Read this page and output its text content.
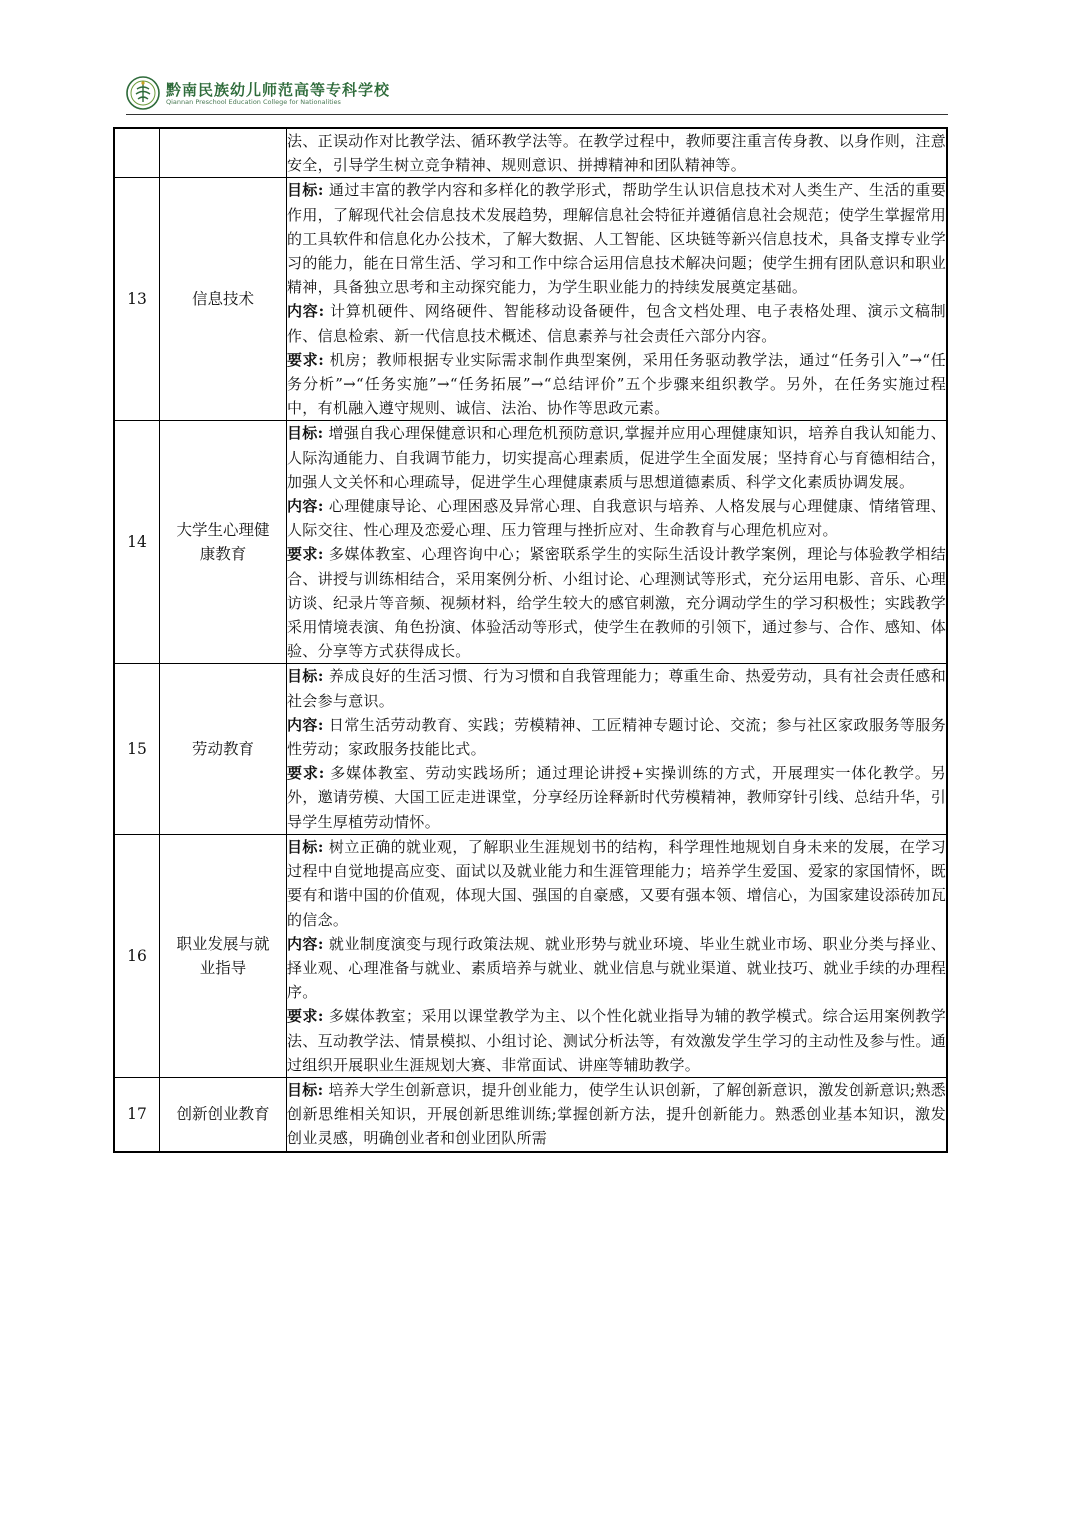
黔南民族幼儿师范高等专科学校
Qiannan Preschool Education College for Nationalities

		法、正误动作对比教学法、循环教学法等。在教学过程中，教师要注重言传身教、以身作则，注意安全，引导学生树立竞争精神、规则意识、拼搏精神和团队精神等。

13	信息技术	目标: 通过丰富的教学内容和多样化的教学形式，帮助学生认识信息技术对人类生产、生活的重要作用，了解现代社会信息技术发展趋势，理解信息社会特征并遵循信息社会规范；使学生掌握常用的工具软件和信息化办公技术，了解大数据、人工智能、区块链等新兴信息技术，具备支撑专业学习的能力，能在日常生活、学习和工作中综合运用信息技术解决问题；使学生拥有团队意识和职业精神，具备独立思考和主动探究能力，为学生职业能力的持续发展奠定基础。
内容: 计算机硬件、网络硬件、智能移动设备硬件，包含文档处理、电子表格处理、演示文稿制作、信息检索、新一代信息技术概述、信息素养与社会责任六部分内容。
要求: 机房；教师根据专业实际需求制作典型案例，采用任务驱动教学法，通过“任务引入”→“任务分析”→“任务实施”→“任务拓展”→“总结评价”五个步骤来组织教学。另外，在任务实施过程中，有机融入遵守规则、诚信、法治、协作等思政元素。

14	大学生心理健康教育	目标: 增强自我心理保健意识和心理危机预防意识,掌握并应用心理健康知识，培养自我认知能力、人际沟通能力、自我调节能力，切实提高心理素质，促进学生全面发展；坚持育心与育德相结合，加强人文关怀和心理疏导，促进学生心理健康素质与思想道德素质、科学文化素质协调发展。
内容: 心理健康导论、心理困惑及异常心理、自我意识与培养、人格发展与心理健康、情绪管理、人际交往、性心理及恋爱心理、压力管理与挫折应对、生命教育与心理危机应对。
要求: 多媒体教室、心理咨询中心；紧密联系学生的实际生活设计教学案例，理论与体验教学相结合、讲授与训练相结合，采用案例分析、小组讨论、心理测试等形式，充分运用电影、音乐、心理访谈、纪录片等音频、视频材料，给学生较大的感官刺激，充分调动学生的学习积极性；实践教学采用情境表演、角色扮演、体验活动等形式，使学生在教师的引领下，通过参与、合作、感知、体验、分享等方式获得成长。

15	劳动教育	目标: 养成良好的生活习惯、行为习惯和自我管理能力；尊重生命、热爱劳动，具有社会责任感和社会参与意识。
内容: 日常生活劳动教育、实践；劳模精神、工匠精神专题讨论、交流；参与社区家政服务等服务性劳动；家政服务技能比式。
要求: 多媒体教室、劳动实践场所；通过理论讲授+实操训练的方式，开展理实一体化教学。另外，邀请劳模、大国工匠走进课堂，分享经历诠释新时代劳模精神，教师穿针引线、总结升华，引导学生厚植劳动情怀。

16	职业发展与就业指导	目标: 树立正确的就业观，了解职业生涯规划书的结构，科学理性地规划自身未来的发展，在学习过程中自觉地提高应变、面试以及就业能力和生涯管理能力；培养学生爱国、爱家的家国情怀，既要有和谐中国的价值观，体现大国、强国的自豪感，又要有强本领、增信心，为国家建设添砖加瓦的信念。
内容: 就业制度演变与现行政策法规、就业形势与就业环境、毕业生就业市场、职业分类与择业、择业观、心理准备与就业、素质培养与就业、就业信息与就业渠道、就业技巧、就业手续的办理程序。
要求: 多媒体教室；采用以课堂教学为主、以个性化就业指导为辅的教学模式。综合运用案例教学法、互动教学法、情景模拟、小组讨论、测试分析法等，有效激发学生学习的主动性及参与性。通过组织开展职业生涯规划大赛、非常面试、讲座等辅助教学。

17	创新创业教育	目标: 培养大学生创新意识，提升创业能力，使学生认识创新，了解创新意识，激发创新意识;熟悉创新思维相关知识，开展创新思维训练;掌握创新方法，提升创新能力。熟悉创业基本知识，激发创业灵感，明确创业者和创业团队所需
